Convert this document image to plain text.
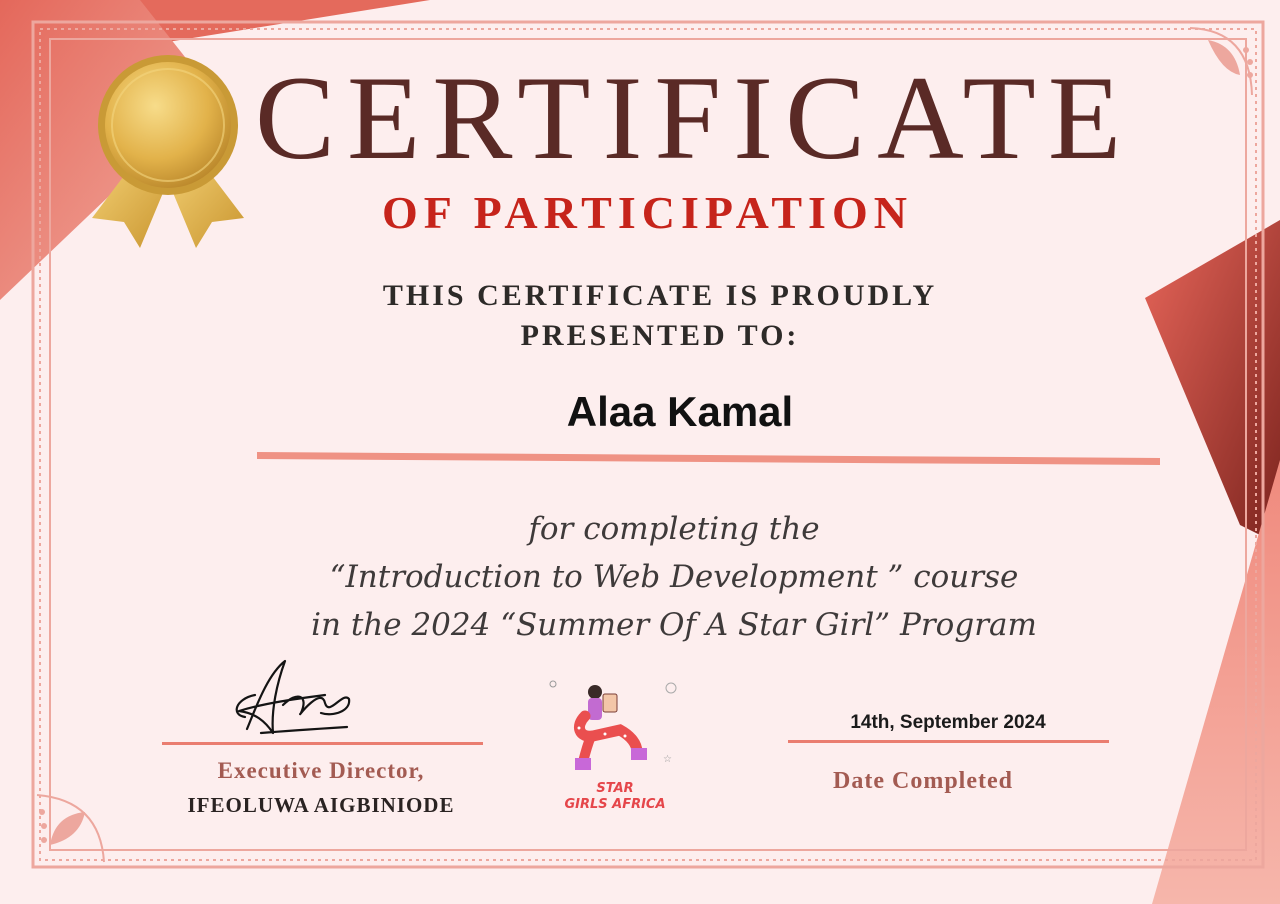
CERTIFICATE
OF PARTICIPATION
THIS CERTIFICATE IS PROUDLY
PRESENTED TO:
Alaa Kamal
for completing the
“Introduction to Web Development ” course
in the 2024 “Summer Of A Star Girl” Program
Executive Director,
IFEOLUWA AIGBINIODE
☆
STAR
GIRLS AFRICA
14th, September 2024
Date Completed
